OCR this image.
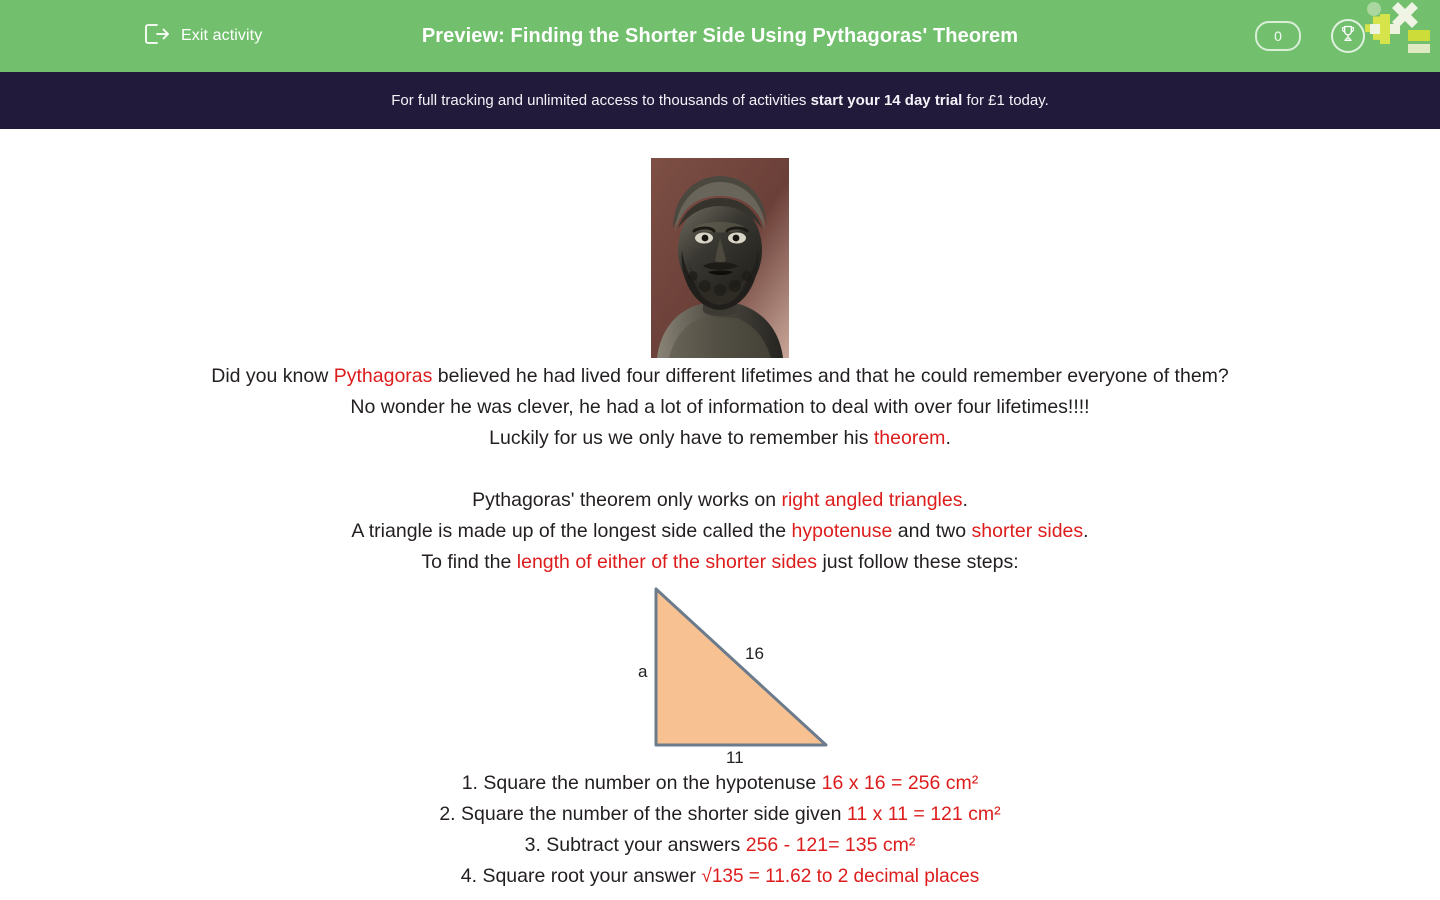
Exit activity	Preview: Finding the Shorter Side Using Pythagoras' Theorem	0
For full tracking and unlimited access to thousands of activities start your 14 day trial for £1 today.
Did you know Pythagoras believed he had lived four different lifetimes and that he could remember everyone of them?
No wonder he was clever, he had a lot of information to deal with over four lifetimes!!!!
Luckily for us we only have to remember his theorem.
Pythagoras' theorem only works on right angled triangles.
A triangle is made up of the longest side called the hypotenuse and two shorter sides.
To find the length of either of the shorter sides just follow these steps:
a
16
11
1. Square the number on the hypotenuse 16 x 16 = 256 cm²
2. Square the number of the shorter side given 11 x 11 = 121 cm²
3. Subtract your answers 256 - 121= 135 cm²
4. Square root your answer √135 = 11.62 to 2 decimal places
